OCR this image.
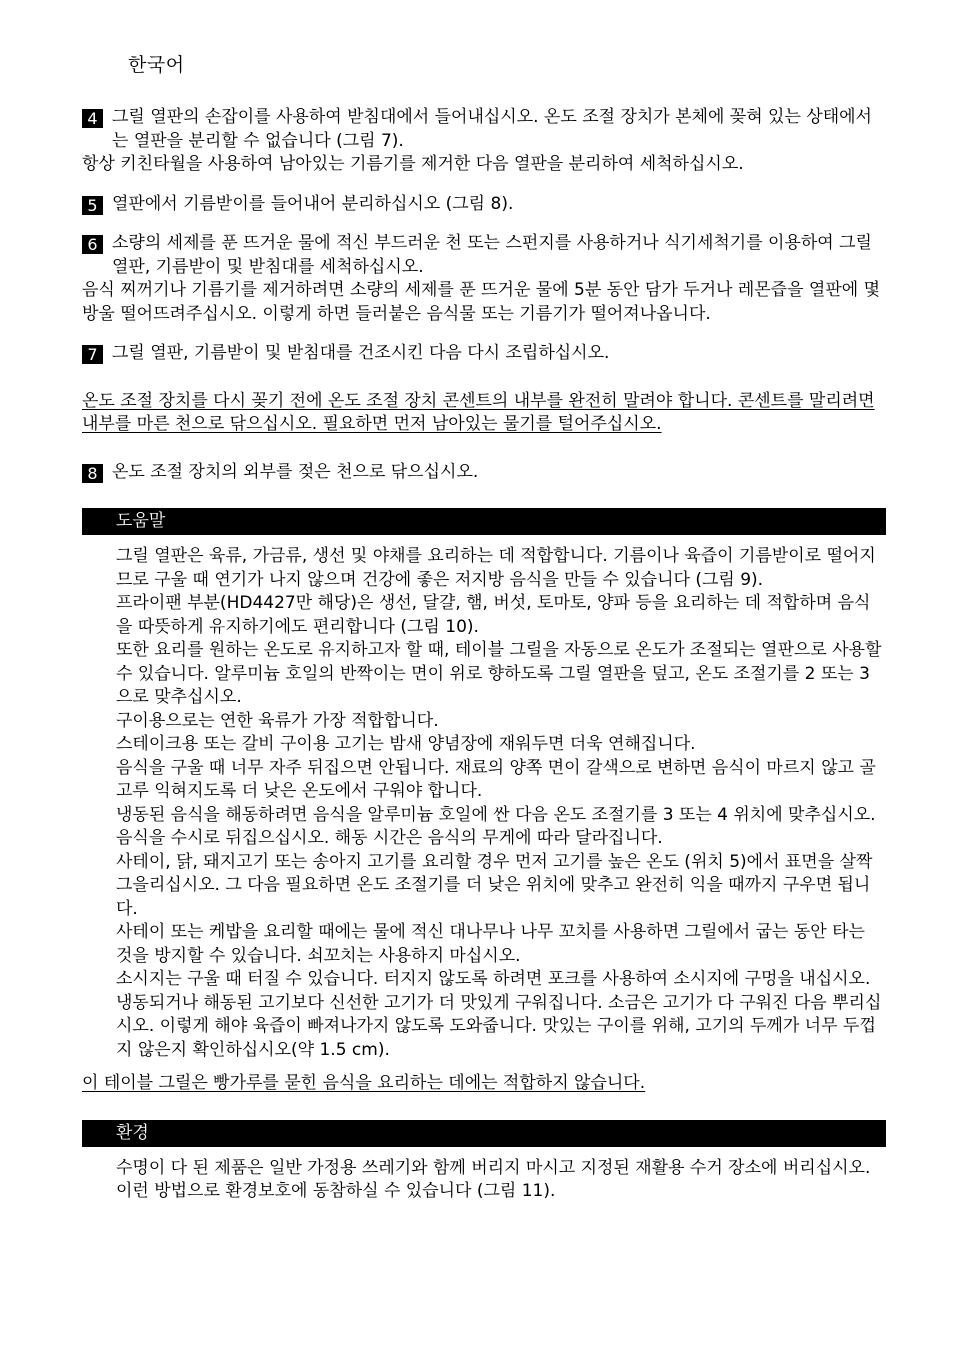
한국어
4 그릴 열판의 손잡이를 사용하여 받침대에서 들어내십시오. 온도 조절 장치가 본체에 꽂혀 있는 상태에서는 열판을 분리할 수 없습니다 (그림 7).

항상 키친타월을 사용하여 남아있는 기름기를 제거한 다음 열판을 분리하여 세척하십시오.

5 열판에서 기름받이를 들어내어 분리하십시오 (그림 8).

6 소량의 세제를 푼 뜨거운 물에 적신 부드러운 천 또는 스펀지를 사용하거나 식기세척기를 이용하여 그릴 열판, 기름받이 및 받침대를 세척하십시오.

음식 찌꺼기나 기름기를 제거하려면 소량의 세제를 푼 뜨거운 물에 5분 동안 담가 두거나 레몬즙을 열판에 몇 방울 떨어뜨려주십시오. 이렇게 하면 들러붙은 음식물 또는 기름기가 떨어져나옵니다.

7 그릴 열판, 기름받이 및 받침대를 건조시킨 다음 다시 조립하십시오.

온도 조절 장치를 다시 꽂기 전에 온도 조절 장치 콘센트의 내부를 완전히 말려야 합니다. 콘센트를 말리려면 내부를 마른 천으로 닦으십시오. 필요하면 먼저 남아있는 물기를 털어주십시오.

8 온도 조절 장치의 외부를 젖은 천으로 닦으십시오.

도움말

그릴 열판은 육류, 가금류, 생선 및 야채를 요리하는 데 적합합니다. 기름이나 육즙이 기름받이로 떨어지므로 구울 때 연기가 나지 않으며 건강에 좋은 저지방 음식을 만들 수 있습니다 (그림 9).

프라이팬 부분(HD4427만 해당)은 생선, 달걀, 햄, 버섯, 토마토, 양파 등을 요리하는 데 적합하며 음식을 따뜻하게 유지하기에도 편리합니다 (그림 10).

또한 요리를 원하는 온도로 유지하고자 할 때, 테이블 그릴을 자동으로 온도가 조절되는 열판으로 사용할 수 있습니다. 알루미늄 호일의 반짝이는 면이 위로 향하도록 그릴 열판을 덮고, 온도 조절기를 2 또는 3으로 맞추십시오.

구이용으로는 연한 육류가 가장 적합합니다.

스테이크용 또는 갈비 구이용 고기는 밤새 양념장에 재워두면 더욱 연해집니다.

음식을 구울 때 너무 자주 뒤집으면 안됩니다. 재료의 양쪽 면이 갈색으로 변하면 음식이 마르지 않고 골고루 익혀지도록 더 낮은 온도에서 구워야 합니다.

냉동된 음식을 해동하려면 음식을 알루미늄 호일에 싼 다음 온도 조절기를 3 또는 4 위치에 맞추십시오. 음식을 수시로 뒤집으십시오. 해동 시간은 음식의 무게에 따라 달라집니다.

사테이, 닭, 돼지고기 또는 송아지 고기를 요리할 경우 먼저 고기를 높은 온도 (위치 5)에서 표면을 살짝 그을리십시오. 그 다음 필요하면 온도 조절기를 더 낮은 위치에 맞추고 완전히 익을 때까지 구우면 됩니다.

사테이 또는 케밥을 요리할 때에는 물에 적신 대나무나 나무 꼬치를 사용하면 그릴에서 굽는 동안 타는 것을 방지할 수 있습니다. 쇠꼬치는 사용하지 마십시오.

소시지는 구울 때 터질 수 있습니다. 터지지 않도록 하려면 포크를 사용하여 소시지에 구멍을 내십시오.

냉동되거나 해동된 고기보다 신선한 고기가 더 맛있게 구워집니다. 소금은 고기가 다 구워진 다음 뿌리십시오. 이렇게 해야 육즙이 빠져나가지 않도록 도와줍니다. 맛있는 구이를 위해, 고기의 두께가 너무 두껍지 않은지 확인하십시오(약 1.5 cm).

이 테이블 그릴은 빵가루를 묻힌 음식을 요리하는 데에는 적합하지 않습니다.

환경

수명이 다 된 제품은 일반 가정용 쓰레기와 함께 버리지 마시고 지정된 재활용 수거 장소에 버리십시오. 이런 방법으로 환경보호에 동참하실 수 있습니다 (그림 11).
